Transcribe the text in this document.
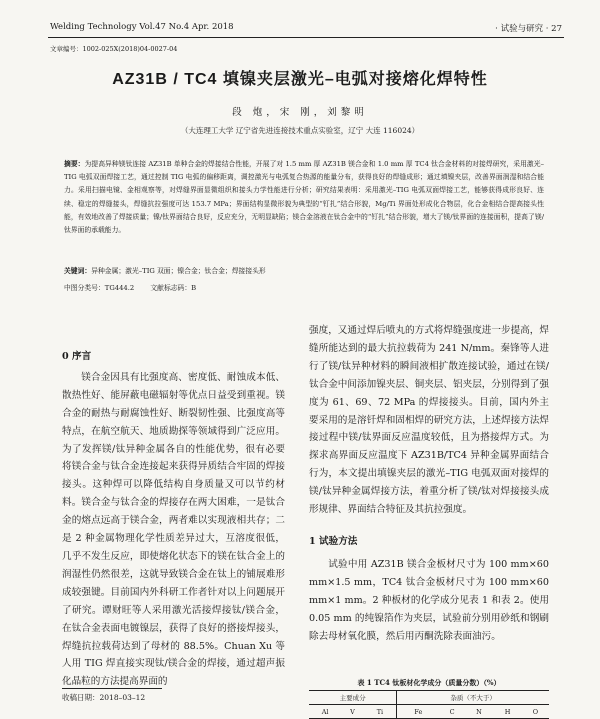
Welding Technology Vol.47 No.4 Apr. 2018	· 试验与研究 · 27
文章编号：1002-025X(2018)04-0027-04
AZ31B / TC4 填镍夹层激光–电弧对接熔化焊特性
段 炮，宋 刚，刘黎明
（大连理工大学 辽宁省先进连接技术重点实验室，辽宁 大连 116024）
摘要：为提高异种镁钛连接 AZ31B 单种合金的焊接结合性能，开展了对 1.5 mm 厚 AZ31B 镁合金和 1.0 mm 厚 TC4 钛合金材料的对接焊研究，采用激光–TIG 电弧双面焊接工艺，通过控制 TIG 电弧的偏移距离，调控激光与电弧复合热源的能量分布，获得良好的焊缝成形；通过填镍夹层，改善界面润湿和结合能力。采用扫描电镜、金相观察等，对焊缝界面显微组织和接头力学性能进行分析；研究结果表明：采用激光–TIG 电弧双面焊接工艺，能够获得成形良好、连续、稳定的焊缝接头，焊缝抗拉强度可达 153.7 MPa；界面结构显微形貌为典型的“钉扎”结合形貌，Mg/Ti 界面处形成化合物层，化合金相结合提高接头性能，有效地改善了焊接质量；镍/钛界面结合良好，反应充分，无明显缺陷；镁合金溶液在钛合金中的“钉扎”结合形貌，增大了镁/钛界面的连接面积，提高了镁/钛界面的承载能力。
关键词：异种金属；激光–TIG 双面；镍合金；钛合金；焊接接头形
中图分类号：TG444.2 文献标志码：B

0 序言

镁合金因具有比强度高、密度低、耐蚀成本低、散热性好、能屏蔽电磁辐射等优点日益受到重视。镁合金的耐热与耐腐蚀性好、断裂韧性强、比强度高等特点，在航空航天、地质勘探等领域得到广泛应用。为了发挥镁/钛异种金属各自的性能优势，很有必要将镁合金与钛合金连接起来获得异质结合牢固的焊接接头。这种焊可以降低结构自身质量又可以节约材料。镁合金与钛合金的焊接存在两大困难，一是钛合金的熔点远高于镁合金，两者难以实现液相共存；二是 2 种金属物理化学性质差异过大，互溶度很低，几乎不发生反应，即使熔化状态下的镁在钛合金上的润湿性仍然很差，这就导致镁合金在钛上的铺展难形成较强键。目前国内外科研工作者针对以上问题展开了研究。谭财旺等人采用激光活接焊接钛/镁合金，在钛合金表面电镀镍层，获得了良好的搭接焊接头，焊缝抗拉载荷达到了母材的 88.5%。Chuan Xu 等人用 TIG 焊直接实现钛/镁合金的焊接，通过超声振化晶粒的方法提高界面的

强度，又通过焊后喷丸的方式将焊缝强度进一步提高，焊缝所能达到的最大抗拉载荷为 241 N/mm。秦锋等人进行了镁/钛异种材料的瞬间液相扩散连接试验，通过在镁/钛合金中间添加镍夹层、铜夹层、铝夹层，分别得到了强度为 61、69、72 MPa 的焊接接头。目前，国内外主要采用的是溶钎焊和固相焊的研究方法，上述焊接方法焊接过程中镁/钛界面反应温度较低，且为搭接焊方式。为探求高界面反应温度下 AZ31B/TC4 异种金属界面结合行为，本文提出填镍夹层的激光–TIG 电弧双面对接焊的镁/钛异种金属焊接方法，着重分析了镁/钛对焊接接头成形规律、界面结合特征及其抗拉强度。

1 试验方法

试验中用 AZ31B 镁合金板材尺寸为 100 mm×60 mm×1.5 mm，TC4 钛合金板材尺寸为 100 mm×60 mm×1 mm。2 种板材的化学成分见表 1 和表 2。使用 0.05 mm 的纯镍箔作为夹层，试验前分别用砂纸和钢刷除去母材氧化膜，然后用丙酮洗除表面油污。

表 1 TC4 钛板材化学成分（质量分数）（%）
主要成分			杂质（不大于）				
Al	V	Ti	Fe	C	N	H	O
收稿日期：2018–03–12
